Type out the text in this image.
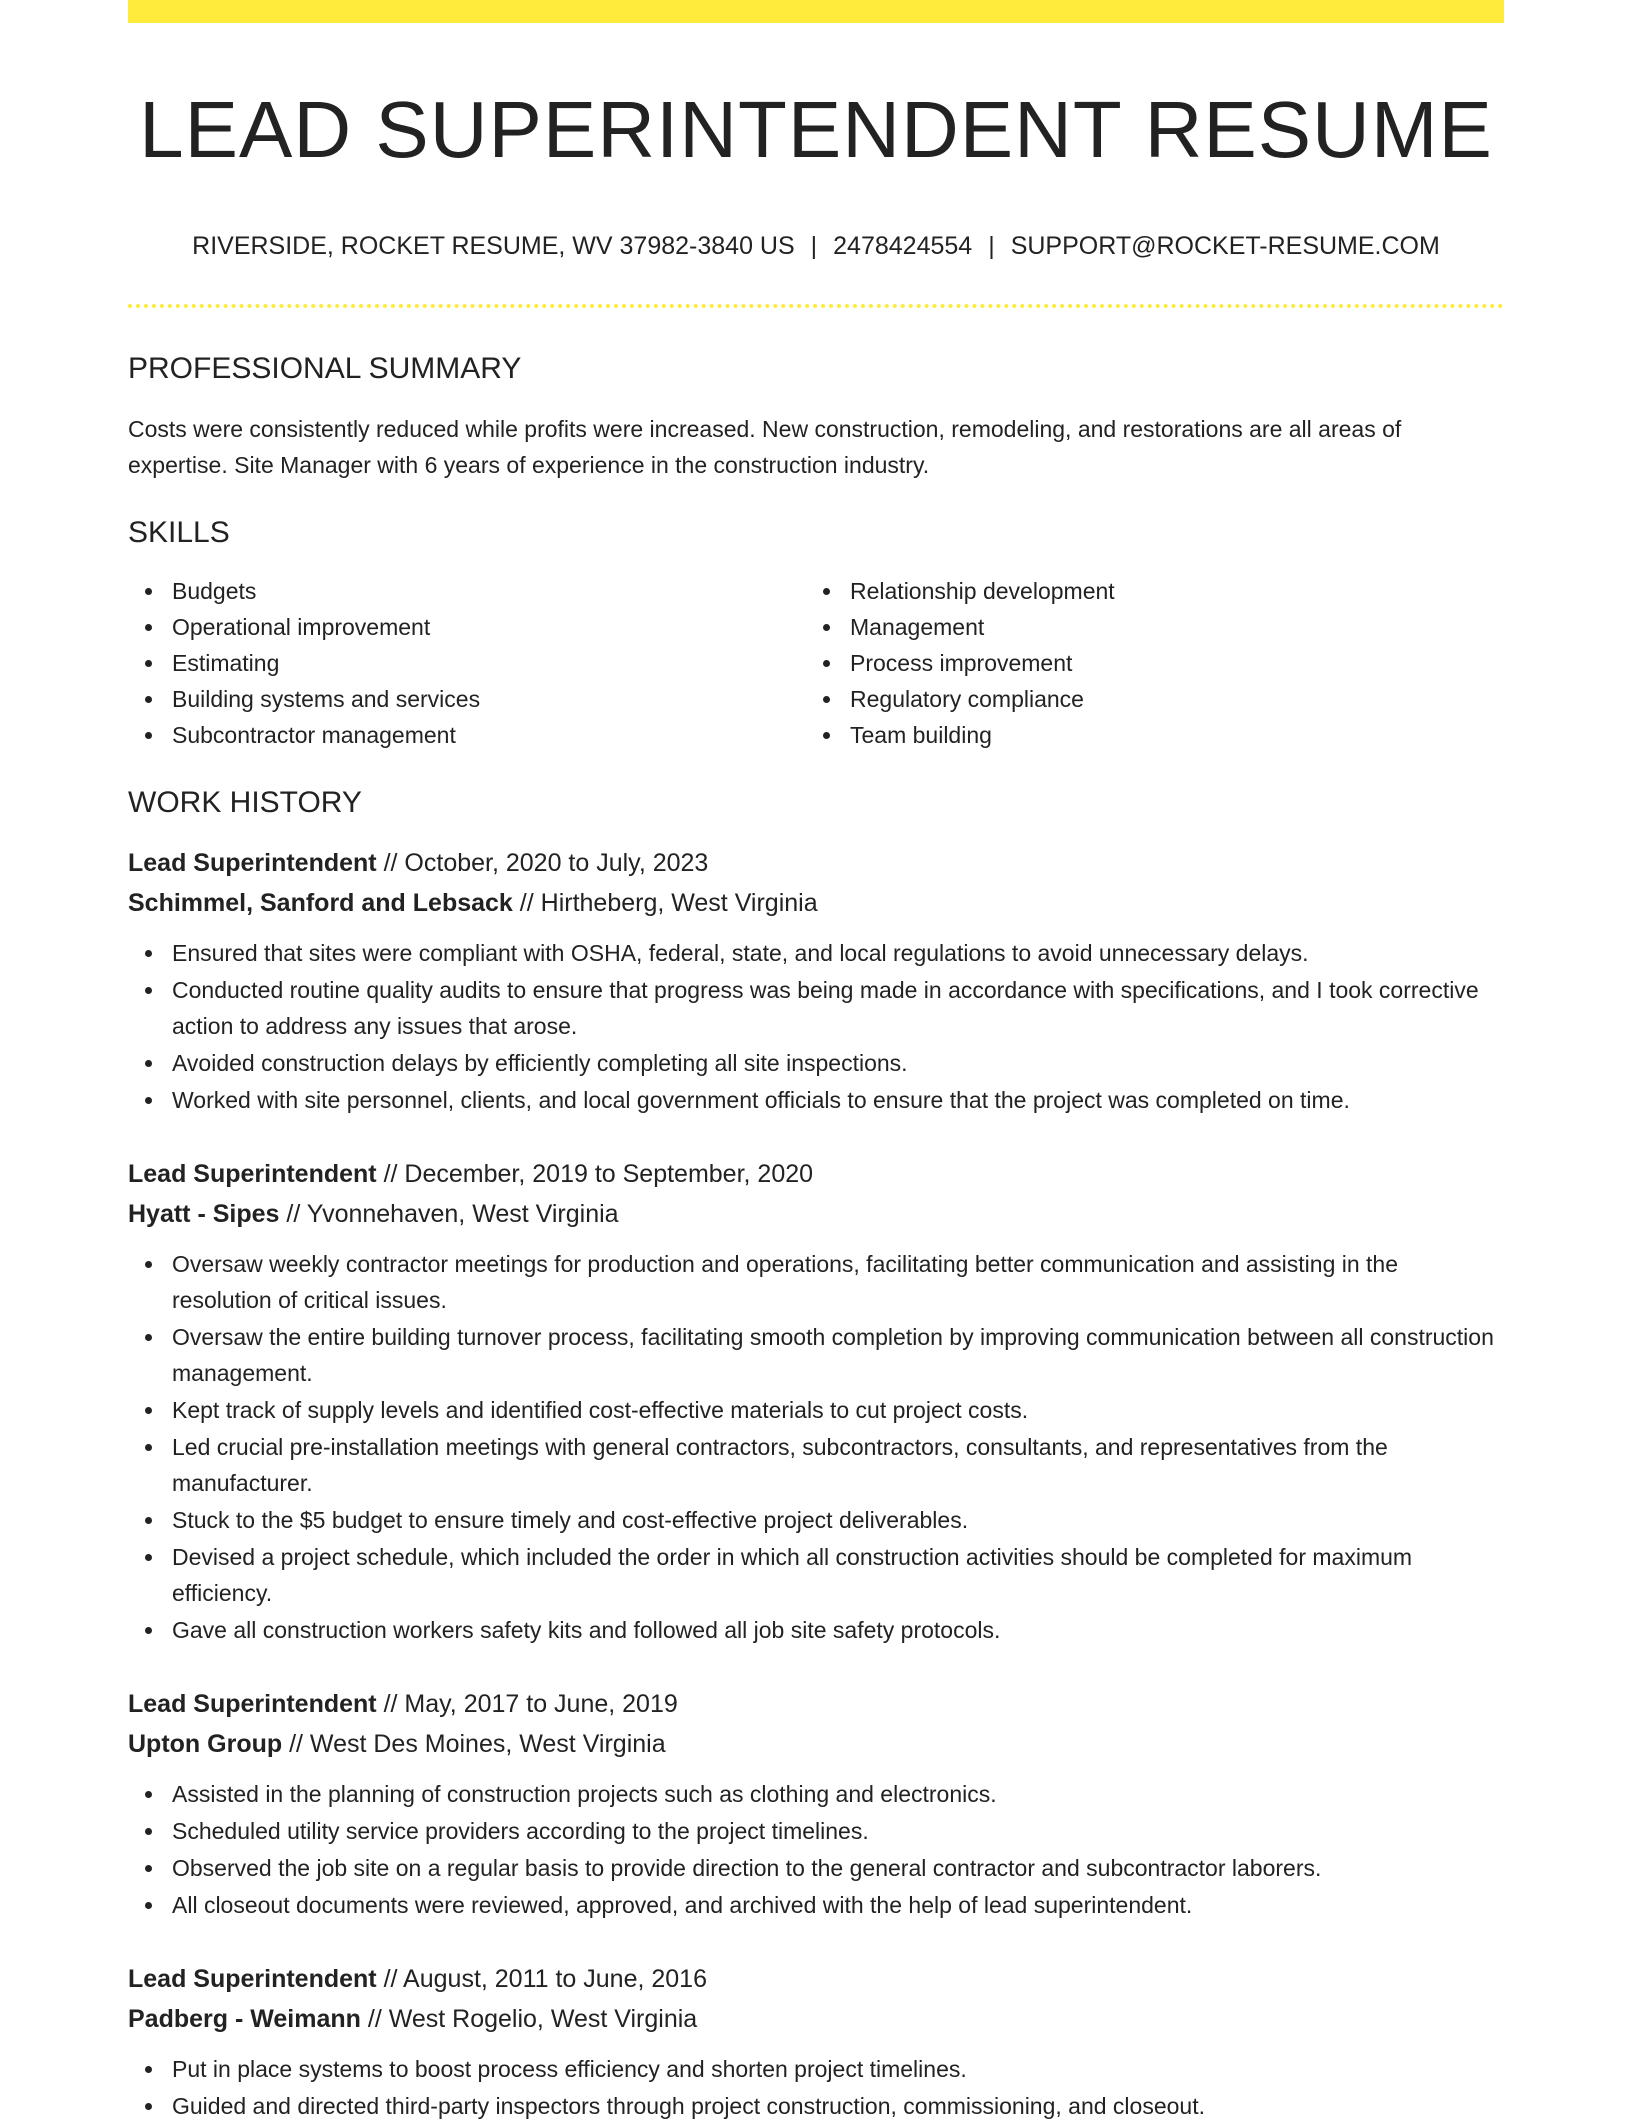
LEAD SUPERINTENDENT RESUME
RIVERSIDE, ROCKET RESUME, WV 37982-3840 US | 2478424554 | SUPPORT@ROCKET-RESUME.COM
PROFESSIONAL SUMMARY

Costs were consistently reduced while profits were increased. New construction, remodeling, and restorations are all areas of expertise. Site Manager with 6 years of experience in the construction industry.

SKILLS
Budgets
Operational improvement
Estimating
Building systems and services
Subcontractor management
Relationship development
Management
Process improvement
Regulatory compliance
Team building
WORK HISTORY
Lead Superintendent // October, 2020 to July, 2023
Schimmel, Sanford and Lebsack // Hirtheberg, West Virginia
Ensured that sites were compliant with OSHA, federal, state, and local regulations to avoid unnecessary delays.
Conducted routine quality audits to ensure that progress was being made in accordance with specifications, and I took corrective action to address any issues that arose.
Avoided construction delays by efficiently completing all site inspections.
Worked with site personnel, clients, and local government officials to ensure that the project was completed on time.
Lead Superintendent // December, 2019 to September, 2020
Hyatt - Sipes // Yvonnehaven, West Virginia
Oversaw weekly contractor meetings for production and operations, facilitating better communication and assisting in the resolution of critical issues.
Oversaw the entire building turnover process, facilitating smooth completion by improving communication between all construction management.
Kept track of supply levels and identified cost-effective materials to cut project costs.
Led crucial pre-installation meetings with general contractors, subcontractors, consultants, and representatives from the manufacturer.
Stuck to the $5 budget to ensure timely and cost-effective project deliverables.
Devised a project schedule, which included the order in which all construction activities should be completed for maximum efficiency.
Gave all construction workers safety kits and followed all job site safety protocols.
Lead Superintendent // May, 2017 to June, 2019
Upton Group // West Des Moines, West Virginia
Assisted in the planning of construction projects such as clothing and electronics.
Scheduled utility service providers according to the project timelines.
Observed the job site on a regular basis to provide direction to the general contractor and subcontractor laborers.
All closeout documents were reviewed, approved, and archived with the help of lead superintendent.
Lead Superintendent // August, 2011 to June, 2016
Padberg - Weimann // West Rogelio, West Virginia
Put in place systems to boost process efficiency and shorten project timelines.
Guided and directed third-party inspectors through project construction, commissioning, and closeout.
